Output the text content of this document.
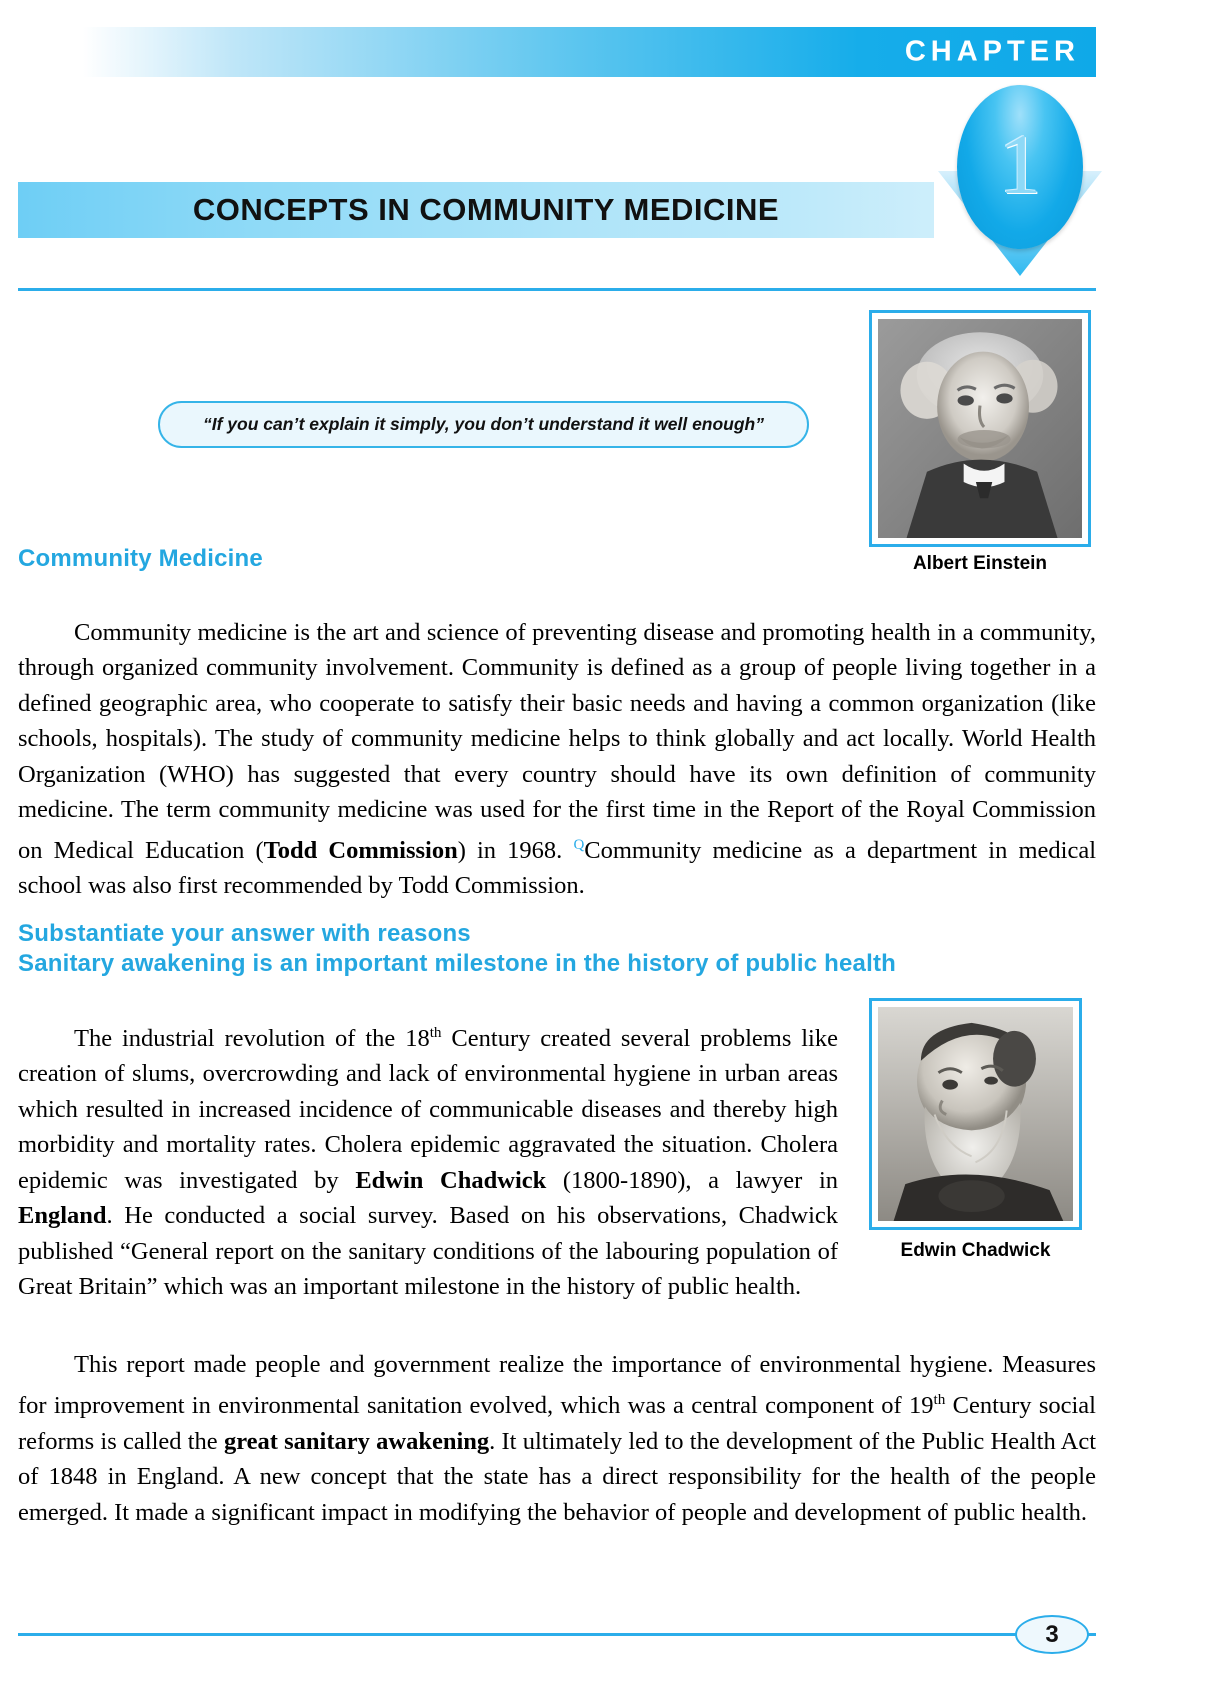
CHAPTER
1
CONCEPTS IN COMMUNITY MEDICINE
“If you can’t explain it simply, you don’t understand it well enough”
Albert Einstein
Community Medicine

Community medicine is the art and science of preventing disease and promoting health in a community, through organized community involvement. Community is defined as a group of people living together in a defined geographic area, who cooperate to satisfy their basic needs and having a common organization (like schools, hospitals). The study of community medicine helps to think globally and act locally. World Health Organization (WHO) has suggested that every country should have its own definition of community medicine. The term community medicine was used for the first time in the Report of the Royal Commission on Medical Education (Todd Commission) in 1968. $^Q$Community medicine as a department in medical school was also first recommended by Todd Commission.

Substantiate your answer with reasons
Sanitary awakening is an important milestone in the history of public health
Edwin Chadwick

The industrial revolution of the 18th Century created several problems like creation of slums, overcrowding and lack of environmental hygiene in urban areas which resulted in increased incidence of communicable diseases and thereby high morbidity and mortality rates. Cholera epidemic aggravated the situation. Cholera epidemic was investigated by Edwin Chadwick (1800-1890), a lawyer in England. He conducted a social survey. Based on his observations, Chadwick published “General report on the sanitary conditions of the labouring population of Great Britain” which was an important milestone in the history of public health.

This report made people and government realize the importance of environmental hygiene. Measures for improvement in environmental sanitation evolved, which was a central component of 19th Century social reforms is called the great sanitary awakening. It ultimately led to the development of the Public Health Act of 1848 in England. A new concept that the state has a direct responsibility for the health of the people emerged. It made a significant impact in modifying the behavior of people and development of public health.

3
